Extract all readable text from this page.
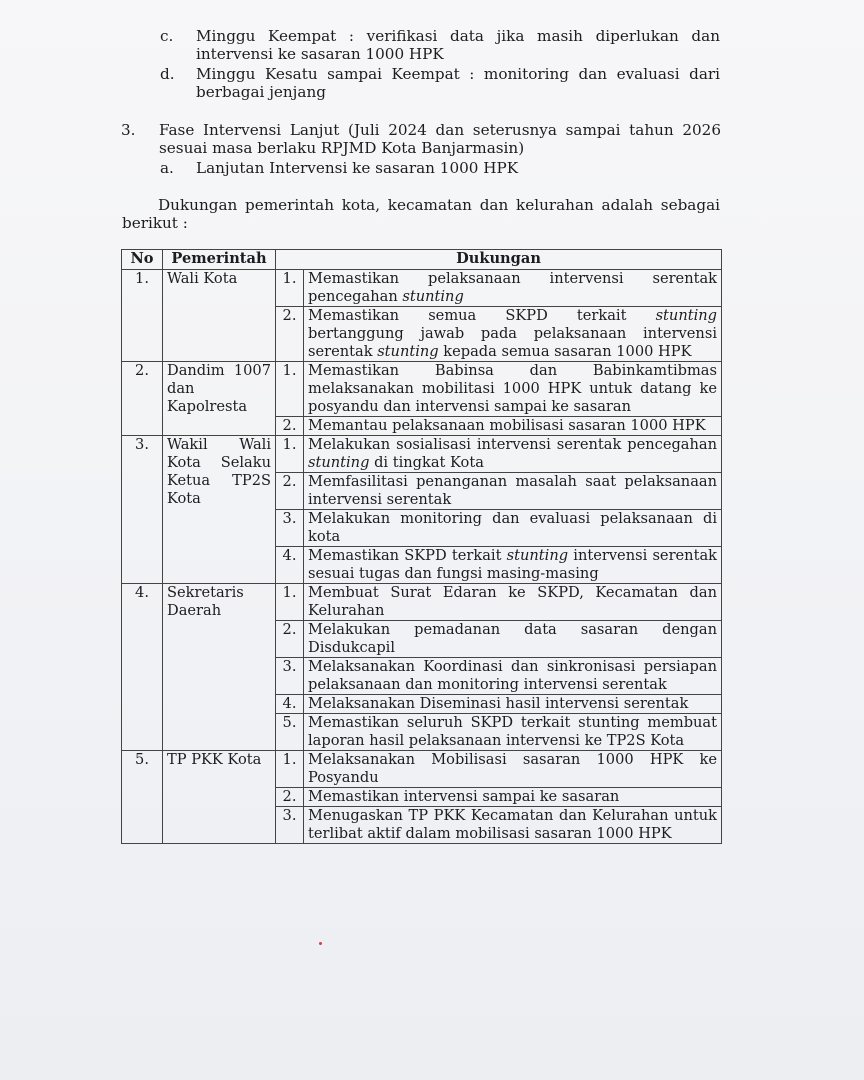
c.	Minggu Keempat : verifikasi data jika masih diperlukan dan intervensi ke sasaran 1000 HPK
d.	Minggu Kesatu sampai Keempat : monitoring dan evaluasi dari berbagai jenjang
3.	Fase Intervensi Lanjut (Juli 2024 dan seterusnya sampai tahun 2026 sesuai masa berlaku RPJMD Kota Banjarmasin)
a.	Lanjutan Intervensi ke sasaran 1000 HPK
Dukungan pemerintah kota, kecamatan dan kelurahan adalah sebagai berikut :
No	Pemerintah	Dukungan	
1.	Wali Kota	1.	Memastikan pelaksanaan intervensi serentak pencegahan stunting
		2.	Memastikan semua SKPD terkait stunting bertanggung jawab pada pelaksanaan intervensi serentak stunting kepada semua sasaran 1000 HPK
2.	Dandim 1007 dan Kapolresta	1.	Memastikan Babinsa dan Babinkamtibmas melaksanakan mobilitasi 1000 HPK untuk datang ke posyandu dan intervensi sampai ke sasaran
		2.	Memantau pelaksanaan mobilisasi sasaran 1000 HPK
3.	Wakil Wali Kota Selaku Ketua TP2S Kota	1.	Melakukan sosialisasi intervensi serentak pencegahan stunting di tingkat Kota
		2.	Memfasilitasi penanganan masalah saat pelaksanaan intervensi serentak
		3.	Melakukan monitoring dan evaluasi pelaksanaan di kota
		4.	Memastikan SKPD terkait stunting intervensi serentak sesuai tugas dan fungsi masing-masing
4.	Sekretaris Daerah	1.	Membuat Surat Edaran ke SKPD, Kecamatan dan Kelurahan
		2.	Melakukan pemadanan data sasaran dengan Disdukcapil
		3.	Melaksanakan Koordinasi dan sinkronisasi persiapan pelaksanaan dan monitoring intervensi serentak
		4.	Melaksanakan Diseminasi hasil intervensi serentak
		5.	Memastikan seluruh SKPD terkait stunting membuat laporan hasil pelaksanaan intervensi ke TP2S Kota
5.	TP PKK Kota	1.	Melaksanakan Mobilisasi sasaran 1000 HPK ke Posyandu
		2.	Memastikan intervensi sampai ke sasaran
		3.	Menugaskan TP PKK Kecamatan dan Kelurahan untuk terlibat aktif dalam mobilisasi sasaran 1000 HPK
